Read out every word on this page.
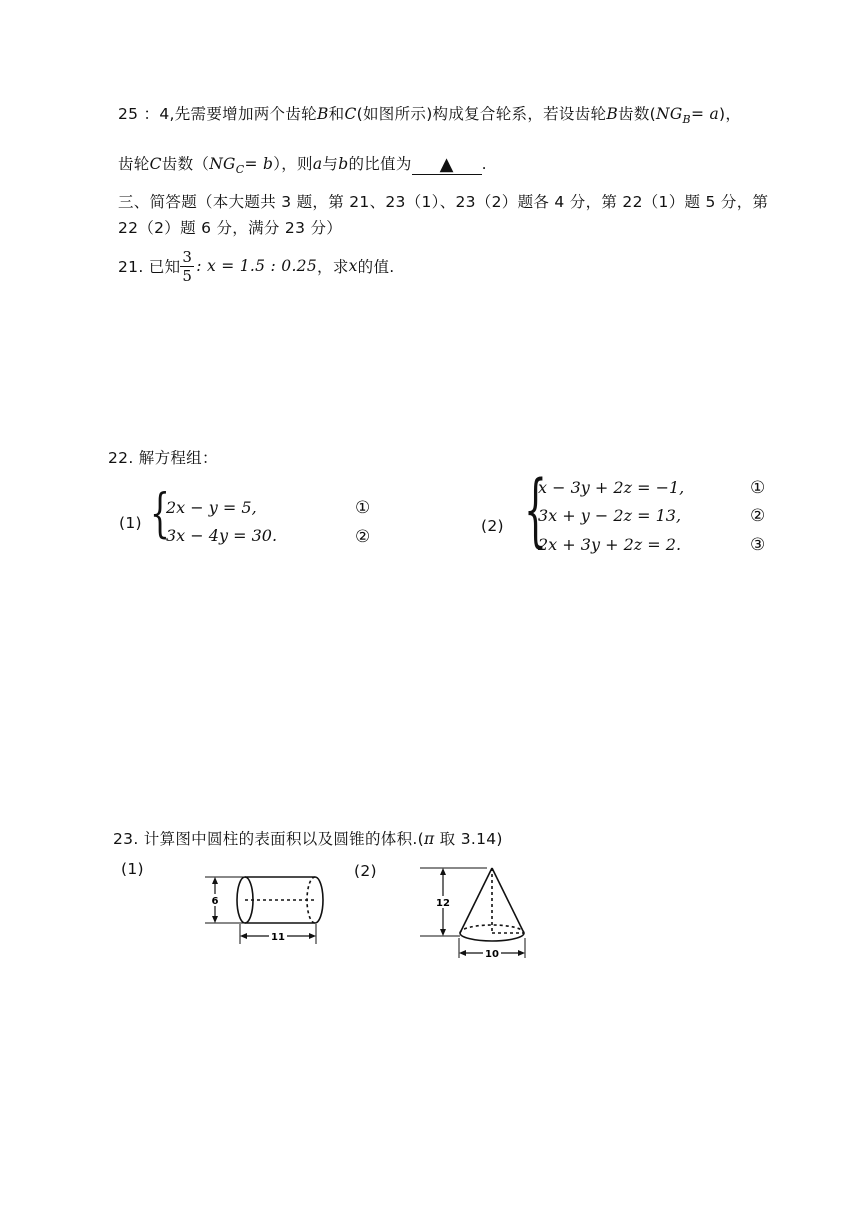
25 ：4,先需要增加两个齿轮B和C(如图所示)构成复合轮系，若设齿轮B齿数$(NG_B= a)$，
齿轮C齿数$(NG_C= b)$，则a与b的比值为 ▲ .
三、简答题（本大题共 3 题，第 21、23（1）、23（2）题各 4 分，第 22（1）题 5 分，第
22（2）题 6 分，满分 23 分）
21. 已知 $\frac{3}{5}$ : x = 1.5 : 0.25 ，求 x 的值.
22. 解方程组：
(1) {
2x − y = 5,
3x − 4y = 30.
①
②
(2) {
x − 3y + 2z = −1,
3x + y − 2z = 13,
2x + 3y + 2z = 2.
①
②
③
23. 计算图中圆柱的表面积以及圆锥的体积.(π 取 3.14)
(1)	(2)
6
11
12
10
